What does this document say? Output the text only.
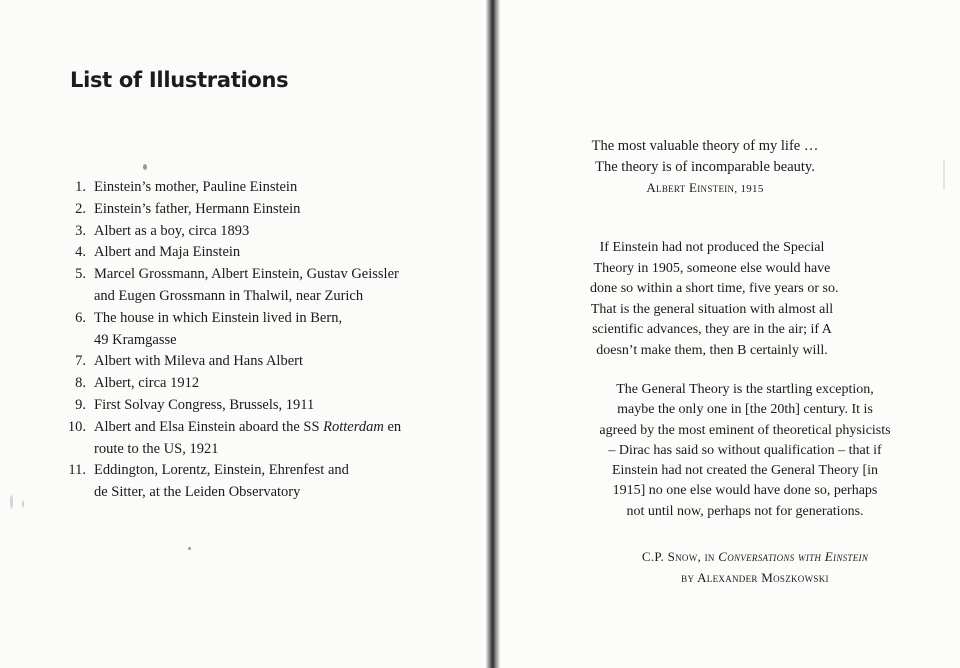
List of Illustrations
1. Einstein’s mother, Pauline Einstein
2. Einstein’s father, Hermann Einstein
3. Albert as a boy, circa 1893
4. Albert and Maja Einstein
5. Marcel Grossmann, Albert Einstein, Gustav Geissler
and Eugen Grossmann in Thalwil, near Zurich
6. The house in which Einstein lived in Bern,
49 Kramgasse
7. Albert with Mileva and Hans Albert
8. Albert, circa 1912
9. First Solvay Congress, Brussels, 1911
10. Albert and Elsa Einstein aboard the SS Rotterdam en
route to the US, 1921
11. Eddington, Lorentz, Einstein, Ehrenfest and
de Sitter, at the Leiden Observatory
The most valuable theory of my life …
The theory is of incomparable beauty.
Albert Einstein, 1915
If Einstein had not produced the Special
Theory in 1905, someone else would have
done so within a short time, five years or so.
That is the general situation with almost all
scientific advances, they are in the air; if A
doesn’t make them, then B certainly will.
The General Theory is the startling exception,
maybe the only one in [the 20th] century. It is
agreed by the most eminent of theoretical physicists
– Dirac has said so without qualification – that if
Einstein had not created the General Theory [in
1915] no one else would have done so, perhaps
not until now, perhaps not for generations.
C.P. Snow, in Conversations with Einstein
by Alexander Moszkowski
